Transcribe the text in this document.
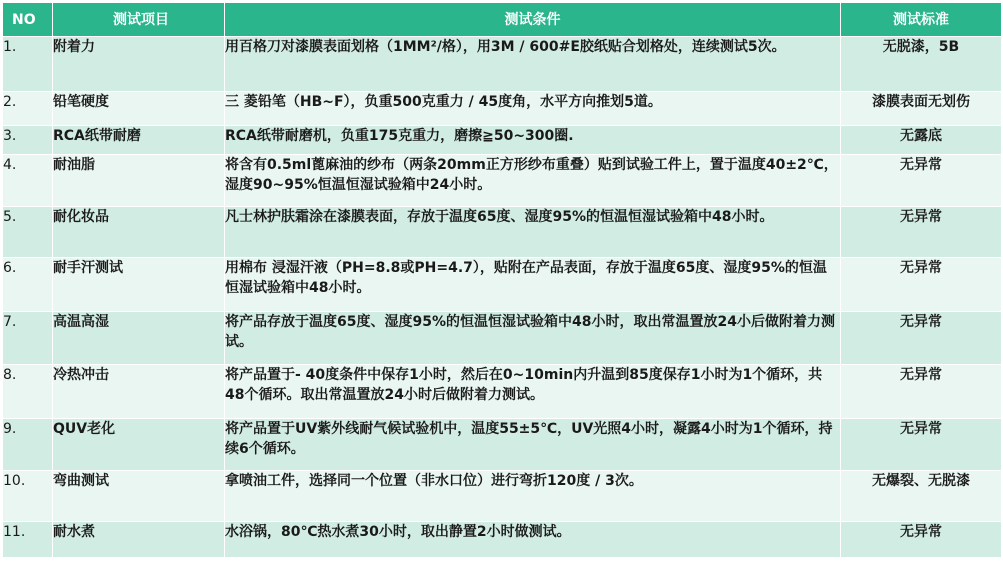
NO	测试项目	测试条件	测试标准
1.	附着力	用百格刀对漆膜表面划格（1MM²/格），用3M / 600#E胶纸贴合划格处，连续测试5次。	无脱漆，5B
2.	铅笔硬度	三 菱铅笔（HB~F），负重500克重力 / 45度角，水平方向推划5道。	漆膜表面无划伤
3.	RCA纸带耐磨	RCA纸带耐磨机，负重175克重力，磨擦≧50~300圈.	无露底
4.	耐油脂	将含有0.5ml蓖麻油的纱布（两条20mm正方形纱布重叠）贴到试验工件上，置于温度40±2℃，湿度90~95%恒温恒湿试验箱中24小时。	无异常
5.	耐化妆品	凡士林护肤霜涂在漆膜表面，存放于温度65度、湿度95%的恒温恒湿试验箱中48小时。	无异常
6.	耐手汗测试	用棉布 浸湿汗液（PH=8.8或PH=4.7），贴附在产品表面，存放于温度65度、湿度95%的恒温恒湿试验箱中48小时。	无异常
7.	高温高湿	将产品存放于温度65度、湿度95%的恒温恒湿试验箱中48小时，取出常温置放24小后做附着力测试。	无异常
8.	冷热冲击	将产品置于- 40度条件中保存1小时，然后在0~10min内升温到85度保存1小时为1个循环，共48个循环。取出常温置放24小时后做附着力测试。	无异常
9.	QUV老化	将产品置于UV紫外线耐气候试验机中，温度55±5℃，UV光照4小时，凝露4小时为1个循环，持续6个循环。	无异常
10.	弯曲测试	拿喷油工件，选择同一个位置（非水口位）进行弯折120度 / 3次。	无爆裂、无脱漆
11.	耐水煮	水浴锅，80℃热水煮30小时，取出静置2小时做测试。	无异常
